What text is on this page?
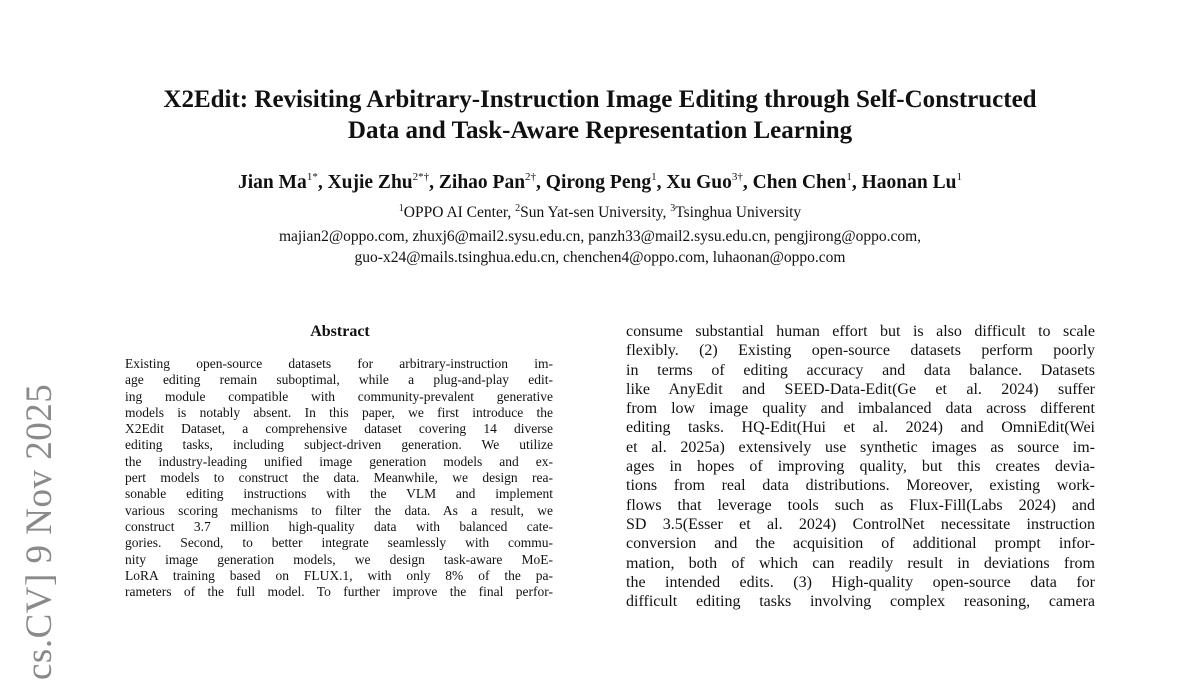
X2Edit: Revisiting Arbitrary-Instruction Image Editing through Self-Constructed
Data and Task-Aware Representation Learning
Jian $Ma^{1*}$, Xujie Zhu$^{2*\dagger}$, Zihao Pan$^{2\dagger}$, Qirong Peng$^1$, Xu Guo$^{3\dagger}$, Chen Chen$^1$, Haonan Lu$^1$
$^1$OPPO AI Center, $^2$Sun Yat-sen University, $^3$Tsinghua University
majian2@oppo.com, zhuxj6@mail2.sysu.edu.cn, panzh33@mail2.sysu.edu.cn, pengjirong@oppo.com,
guo-x24@mails.tsinghua.edu.cn, chenchen4@oppo.com, luhaonan@oppo.com
cs.CV] 9 Nov 2025
Abstract
Existing open-source datasets for arbitrary-instruction im-
age editing remain suboptimal, while a plug-and-play edit-
ing module compatible with community-prevalent generative
models is notably absent. In this paper, we first introduce the
X2Edit Dataset, a comprehensive dataset covering 14 diverse
editing tasks, including subject-driven generation. We utilize
the industry-leading unified image generation models and ex-
pert models to construct the data. Meanwhile, we design rea-
sonable editing instructions with the VLM and implement
various scoring mechanisms to filter the data. As a result, we
construct 3.7 million high-quality data with balanced cate-
gories. Second, to better integrate seamlessly with commu-
nity image generation models, we design task-aware MoE-
LoRA training based on FLUX.1, with only 8% of the pa-
rameters of the full model. To further improve the final perfor-
consume substantial human effort but is also difficult to scale
flexibly. (2) Existing open-source datasets perform poorly
in terms of editing accuracy and data balance. Datasets
like AnyEdit and SEED-Data-Edit(Ge et al. 2024) suffer
from low image quality and imbalanced data across different
editing tasks. HQ-Edit(Hui et al. 2024) and OmniEdit(Wei
et al. 2025a) extensively use synthetic images as source im-
ages in hopes of improving quality, but this creates devia-
tions from real data distributions. Moreover, existing work-
flows that leverage tools such as Flux-Fill(Labs 2024) and
SD 3.5(Esser et al. 2024) ControlNet necessitate instruction
conversion and the acquisition of additional prompt infor-
mation, both of which can readily result in deviations from
the intended edits. (3) High-quality open-source data for
difficult editing tasks involving complex reasoning, camera
